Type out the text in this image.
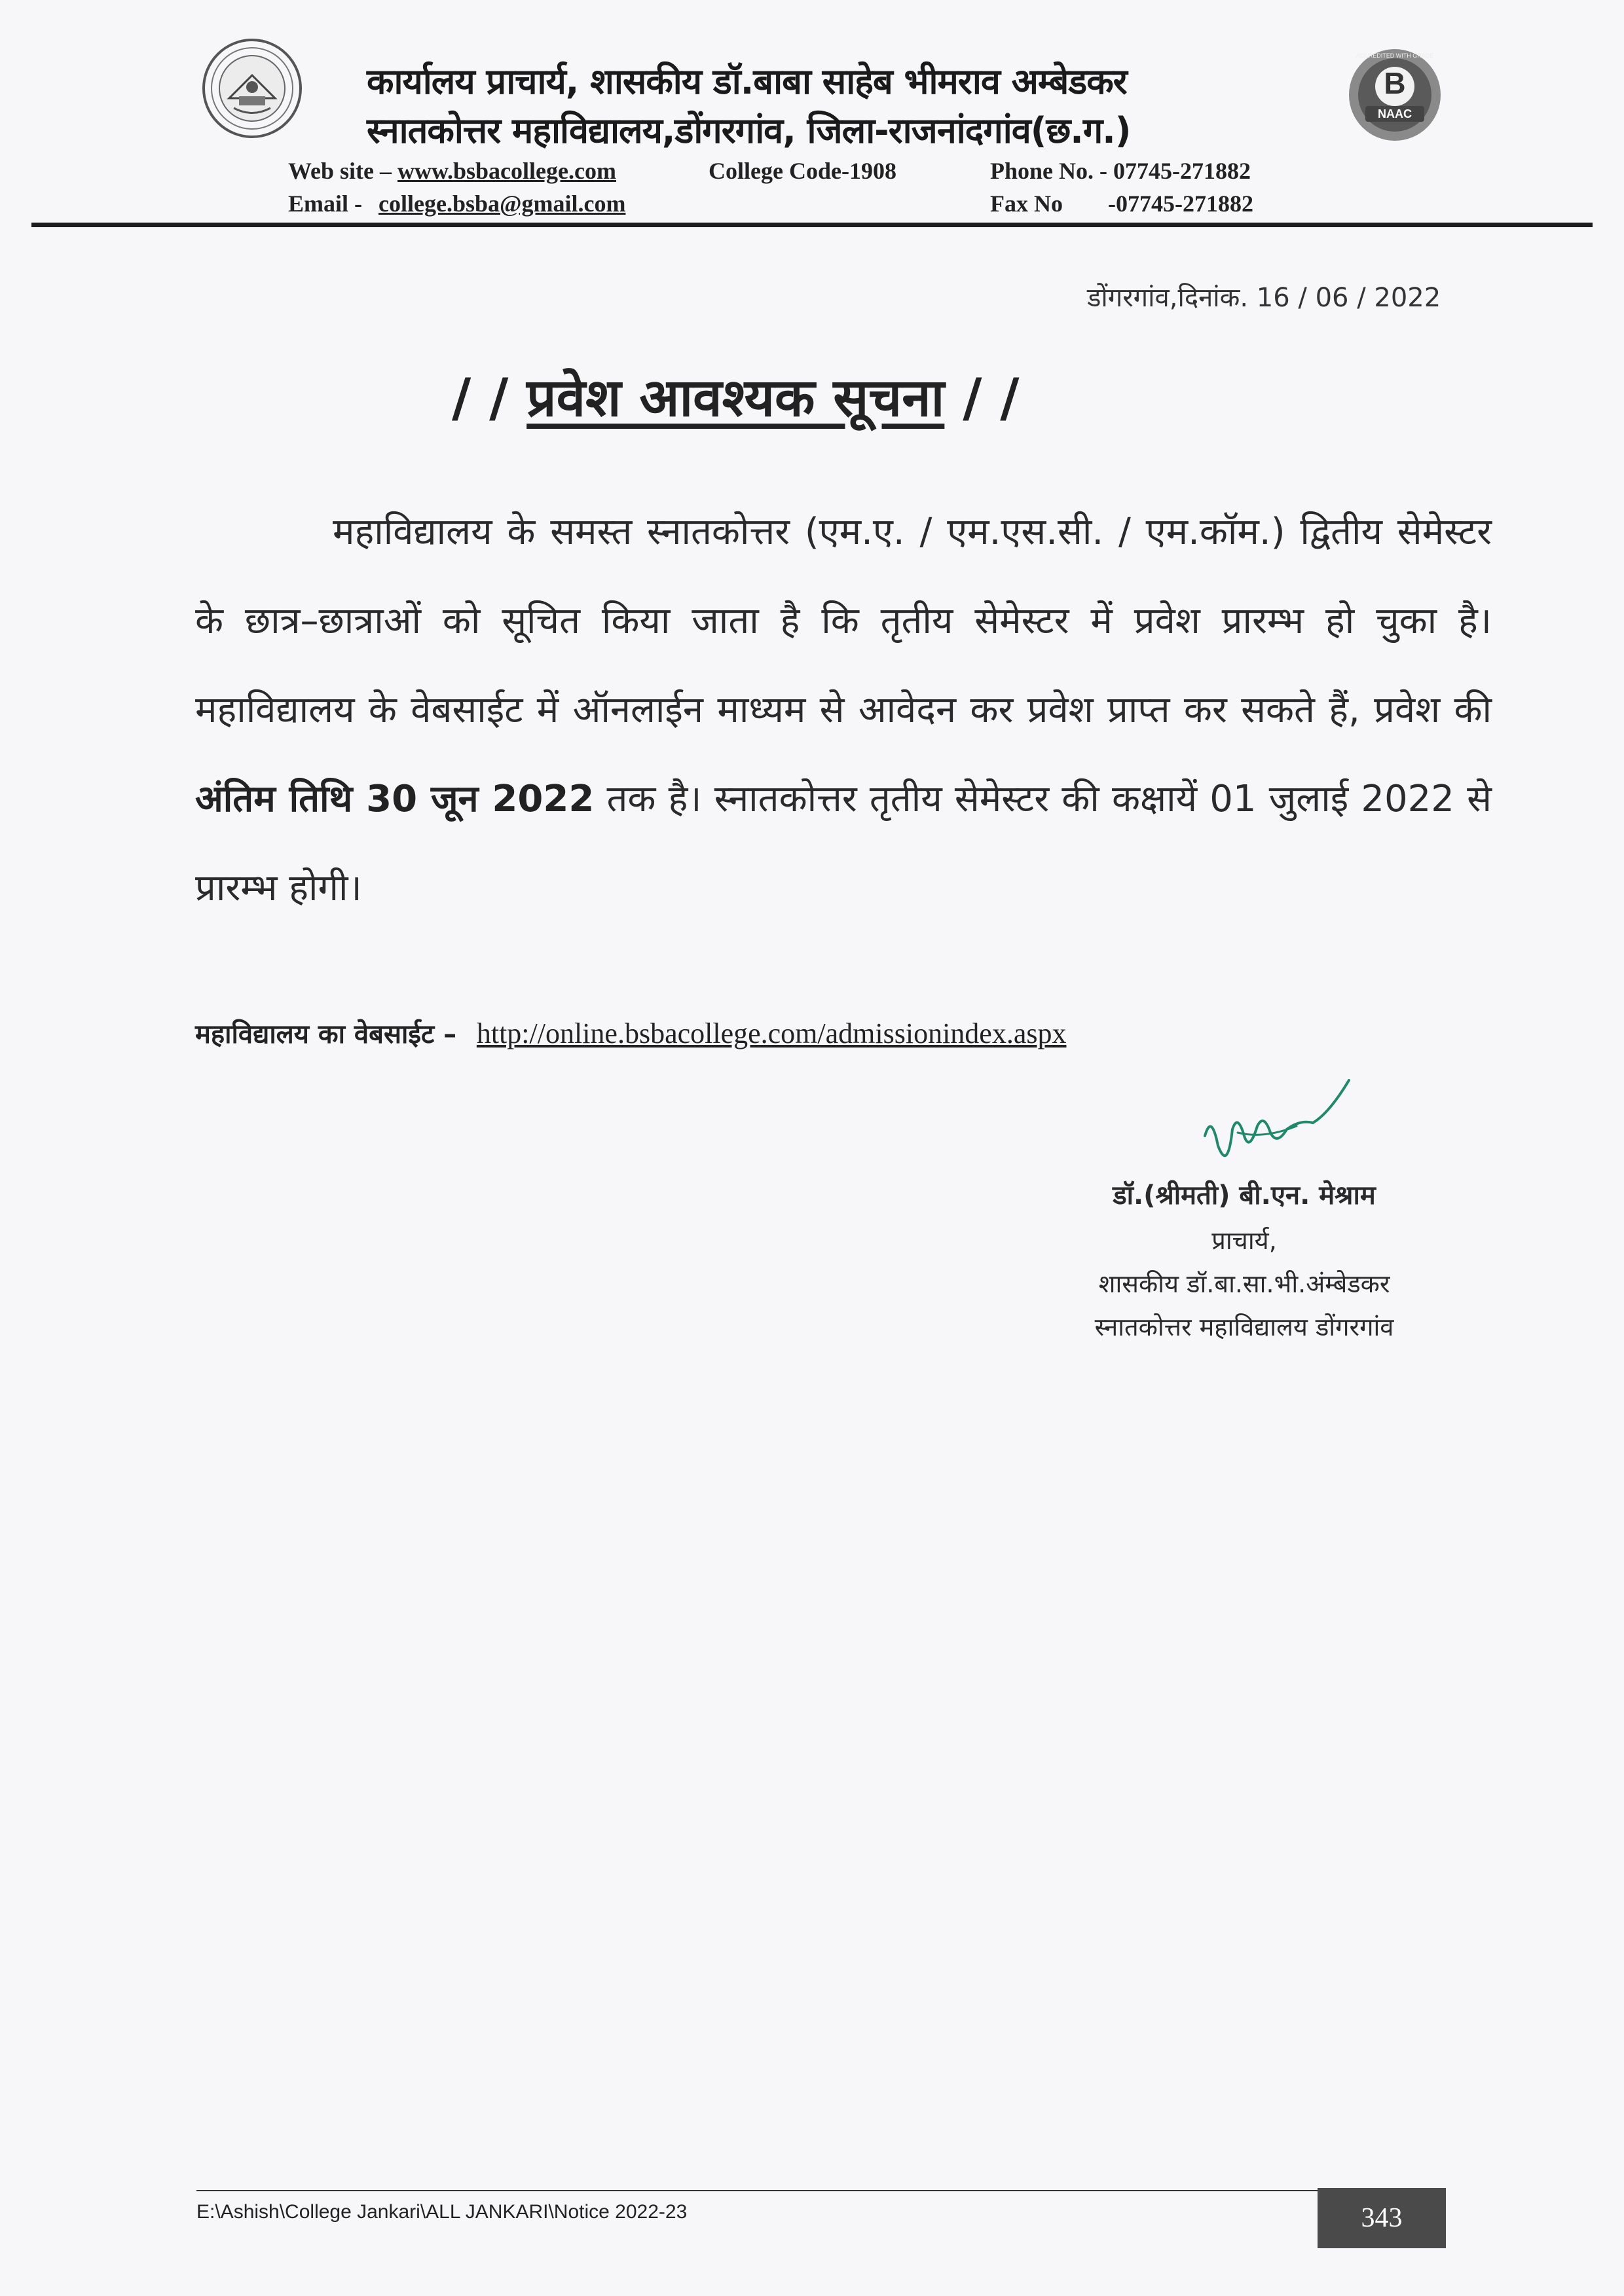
कार्यालय प्राचार्य, शासकीय डॉ.बाबा साहेब भीमराव अम्बेडकर
स्नातकोत्तर महाविद्यालय,डोंगरगांव, जिला-राजनांदगांव(छ.ग.)
B
NAAC
ACCREDITED WITH GRADE
Web site – www.bsbacollege.com	College Code-1908	Phone No. - 07745-271882
Email - college.bsba@gmail.com	Fax No -07745-271882
डोंगरगांव,दिनांक. 16 / 06 / 2022
/ / प्रवेश आवश्यक सूचना / /
महाविद्यालय के समस्त स्नातकोत्तर (एम.ए. / एम.एस.सी. / एम.कॉम.) द्वितीय सेमेस्टर के छात्र–छात्राओं को सूचित किया जाता है कि तृतीय सेमेस्टर में प्रवेश प्रारम्भ हो चुका है। महाविद्यालय के वेबसाईट में ऑनलाईन माध्यम से आवेदन कर प्रवेश प्राप्त कर सकते हैं, प्रवेश की अंतिम तिथि 30 जून 2022 तक है। स्नातकोत्तर तृतीय सेमेस्टर की कक्षायें 01 जुलाई 2022 से प्रारम्भ होगी।
महाविद्यालय का वेबसाईट – http://online.bsbacollege.com/admissionindex.aspx
डॉ.(श्रीमती) बी.एन. मेश्राम
प्राचार्य,
शासकीय डॉ.बा.सा.भी.अंम्बेडकर
स्नातकोत्तर महाविद्यालय डोंगरगांव
E:\Ashish\College Jankari\ALL JANKARI\Notice 2022-23	343
